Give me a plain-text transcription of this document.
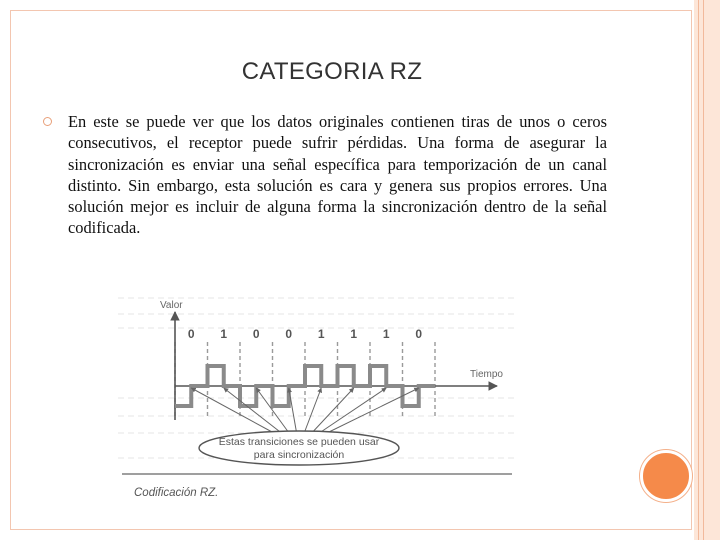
CATEGORIA RZ
En este se puede ver que los datos originales contienen tiras de unos o ceros consecutivos, el receptor puede sufrir pérdidas. Una forma de asegurar la sincronización es enviar una señal específica para temporización de un canal distinto. Sin embargo, esta solución es cara y genera sus propios errores. Una solución mejor es incluir de alguna forma la sincronización dentro de la señal codificada.
Valor
Tiempo
0 1 0 0 1 1 1 0
Estas transiciones se pueden usar
para sincronización
Codificación RZ.
